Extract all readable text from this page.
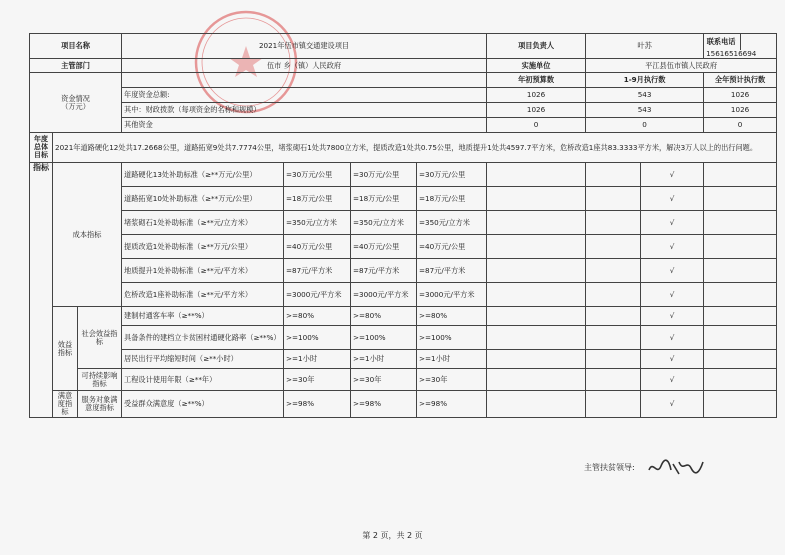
项目名称			2021年伍市镇交通建设项目				项目负责人	叶苏		联系电话15616516694
主管部门			伍市 乡（镇）人民政府				实施单位	平江县伍市镇人民政府		
资金情况
（万元）							年初预算数	1-9月执行数		全年预计执行数
			年度资金总额:				1026	543		1026
			其中：财政拨款（每项资金的名称和规模）				1026	543		1026
			其他资金				0	0		0
年度总体目标	2021年道路硬化12处共17.2668公里，道路拓宽9处共7.7774公里，堵浆砌石1处共7800立方米，提质改造1处共0.75公里，地质提升1处共4597.7平方米，危桥改造1座共83.3333平方米，解决3万人以上的出行问题。									
指标	成本指标		道路硬化13处补助标准（≥**万元/公里）	=30万元/公里	=30万元/公里	=30万元/公里			√	
			道路拓宽10处补助标准（≥**万元/公里）	=18万元/公里	=18万元/公里	=18万元/公里			√	
			堵浆砌石1处补助标准（≥**元/立方米）	=350元/立方米	=350元/立方米	=350元/立方米			√	
			提质改造1处补助标准（≥**万元/公里）	=40万元/公里	=40万元/公里	=40万元/公里			√	
			地质提升1处补助标准（≥**元/平方米）	=87元/平方米	=87元/平方米	=87元/平方米			√	
			危桥改造1座补助标准（≥**元/平方米）	=3000元/平方米	=3000元/平方米	=3000元/平方米			√	
	效益指标	社会效益指标	建制村通客车率（≥**%）	>=80%	>=80%	>=80%			√	
			具备条件的建档立卡贫困村通硬化路率（≥**%）	>=100%	>=100%	>=100%			√	
			居民出行平均缩短时间（≥**小时）	>=1小时	>=1小时	>=1小时			√	
		可持续影响指标	工程设计使用年限（≥**年）	>=30年	>=30年	>=30年			√	
	满意度指标	服务对象满意度指标	受益群众满意度（≥**%）	>=98%	>=98%	>=98%			√	
主管扶贫领导:
第 2 页，共 2 页
